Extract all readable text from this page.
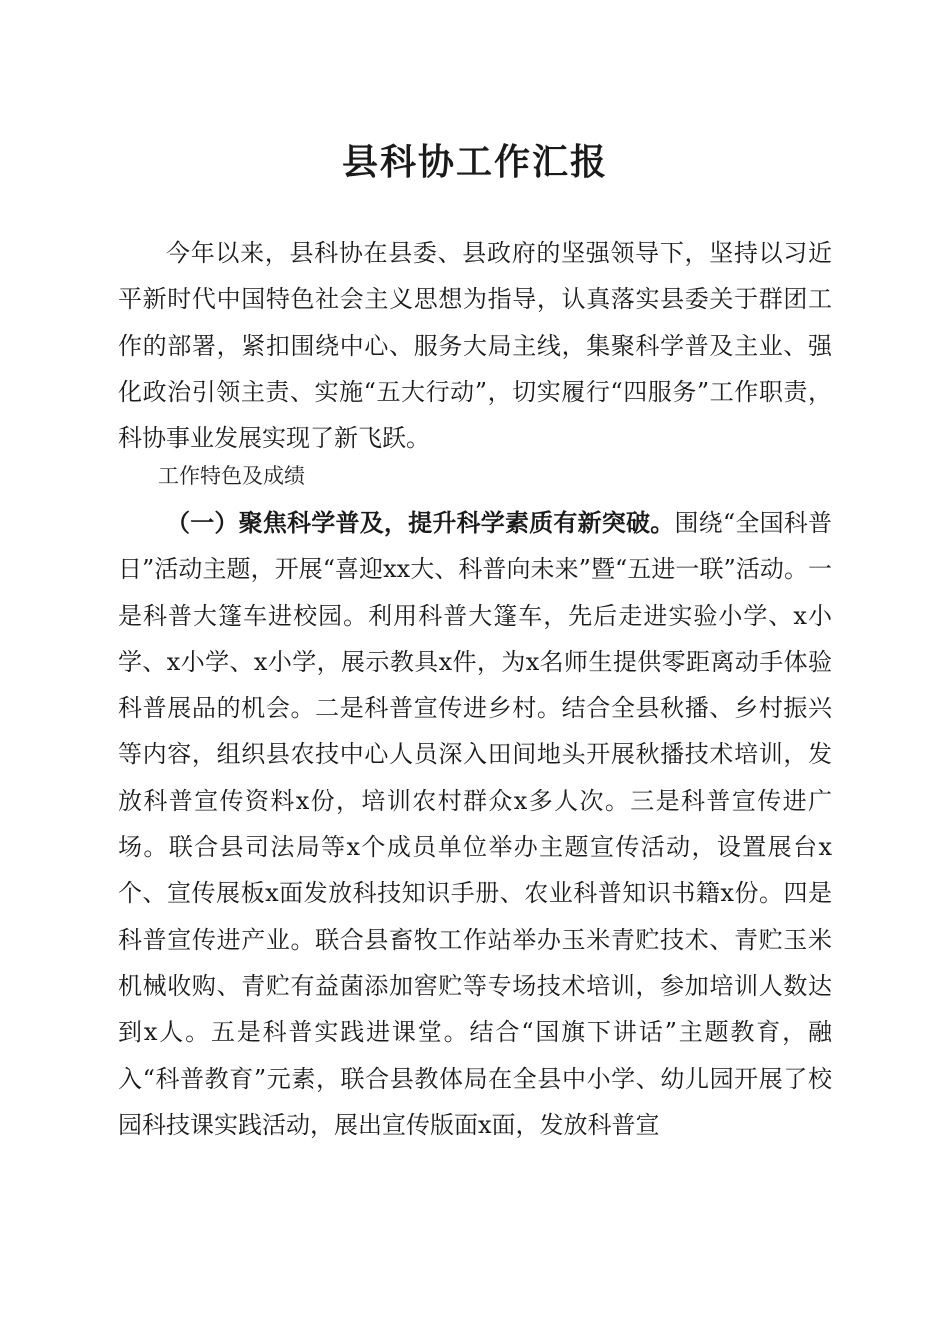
县科协工作汇报
今年以来，县科协在县委、县政府的坚强领导下，坚持以习近平新时代中国特色社会主义思想为指导，认真落实县委关于群团工作的部署，紧扣围绕中心、服务大局主线，集聚科学普及主业、强化政治引领主责、实施“五大行动”，切实履行“四服务”工作职责，科协事业发展实现了新飞跃。
工作特色及成绩
（一）聚焦科学普及，提升科学素质有新突破。围绕“全国科普日”活动主题，开展“喜迎xx大、科普向未来”暨“五进一联”活动。一是科普大篷车进校园。利用科普大篷车，先后走进实验小学、x小学、x小学、x小学，展示教具x件，为x名师生提供零距离动手体验科普展品的机会。二是科普宣传进乡村。结合全县秋播、乡村振兴等内容，组织县农技中心人员深入田间地头开展秋播技术培训，发放科普宣传资料x份，培训农村群众x多人次。三是科普宣传进广场。联合县司法局等x个成员单位举办主题宣传活动，设置展台x个、宣传展板x面发放科技知识手册、农业科普知识书籍x份。四是科普宣传进产业。联合县畜牧工作站举办玉米青贮技术、青贮玉米机械收购、青贮有益菌添加窖贮等专场技术培训，参加培训人数达到x人。五是科普实践进课堂。结合“国旗下讲话”主题教育，融入“科普教育”元素，联合县教体局在全县中小学、幼儿园开展了校园科技课实践活动，展出宣传版面x面，发放科普宣
